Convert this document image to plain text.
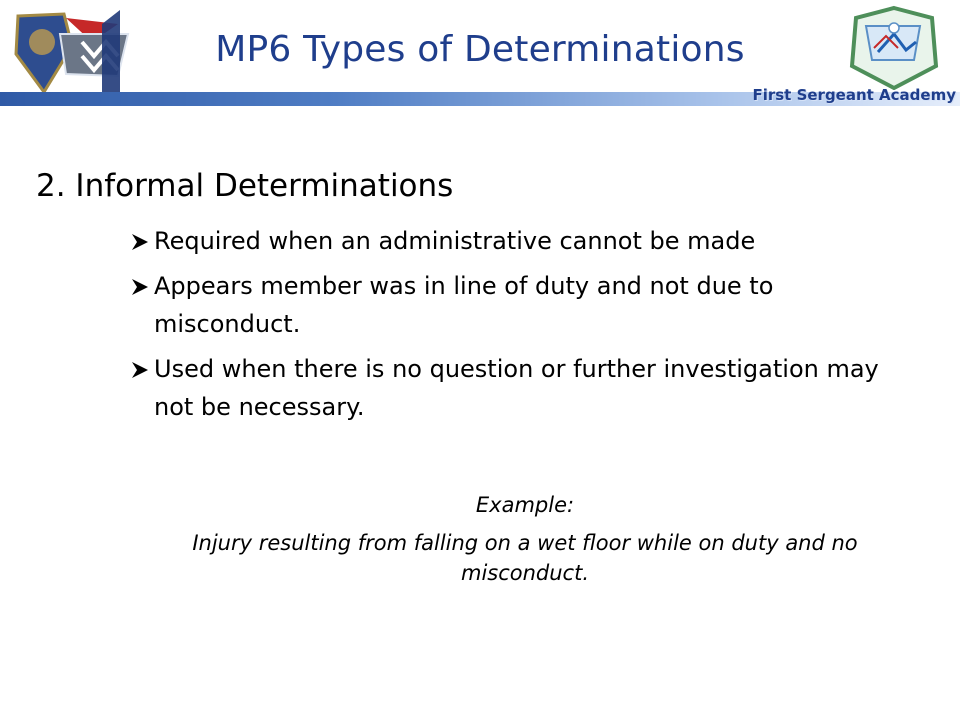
MP6 Types of Determinations
First Sergeant Academy
2. Informal Determinations
Required when an administrative cannot be made
Appears member was in line of duty and not due to misconduct.
Used when there is no question or further investigation may not be necessary.
Example:
Injury resulting from falling on a wet floor while on duty and no misconduct.
